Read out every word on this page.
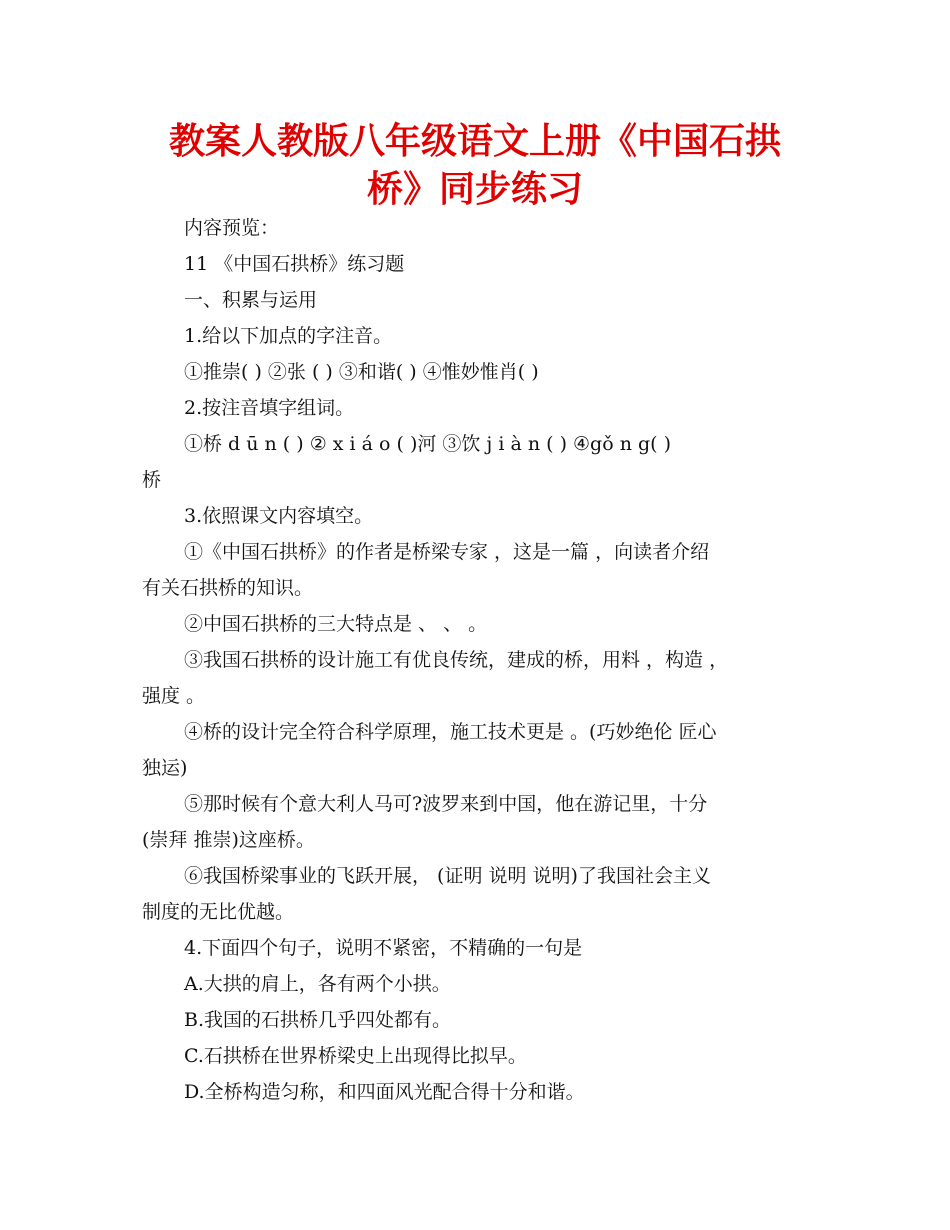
教案人教版八年级语文上册《中国石拱
桥》同步练习
内容预览：
11 《中国石拱桥》练习题
一、积累与运用
1.给以下加点的字注音。
①推崇( ) ②张 ( ) ③和谐( ) ④惟妙惟肖( )
2.按注音填字组词。
①桥 d ū n ( ) ② x i á o ( )河 ③饮 j i à n ( ) ④gǒ n g( )
桥
3.依照课文内容填空。
①《中国石拱桥》的作者是桥梁专家 ，这是一篇 ，向读者介绍
有关石拱桥的知识。
②中国石拱桥的三大特点是 、 、 。
③我国石拱桥的设计施工有优良传统，建成的桥，用料 ，构造 ，
强度 。
④桥的设计完全符合科学原理，施工技术更是 。(巧妙绝伦 匠心
独运)
⑤那时候有个意大利人马可?波罗来到中国，他在游记里，十分
(崇拜 推崇)这座桥。
⑥我国桥梁事业的飞跃开展， (证明 说明 说明)了我国社会主义
制度的无比优越。
4.下面四个句子，说明不紧密，不精确的一句是
A.大拱的肩上，各有两个小拱。
B.我国的石拱桥几乎四处都有。
C.石拱桥在世界桥梁史上出现得比拟早。
D.全桥构造匀称，和四面风光配合得十分和谐。
